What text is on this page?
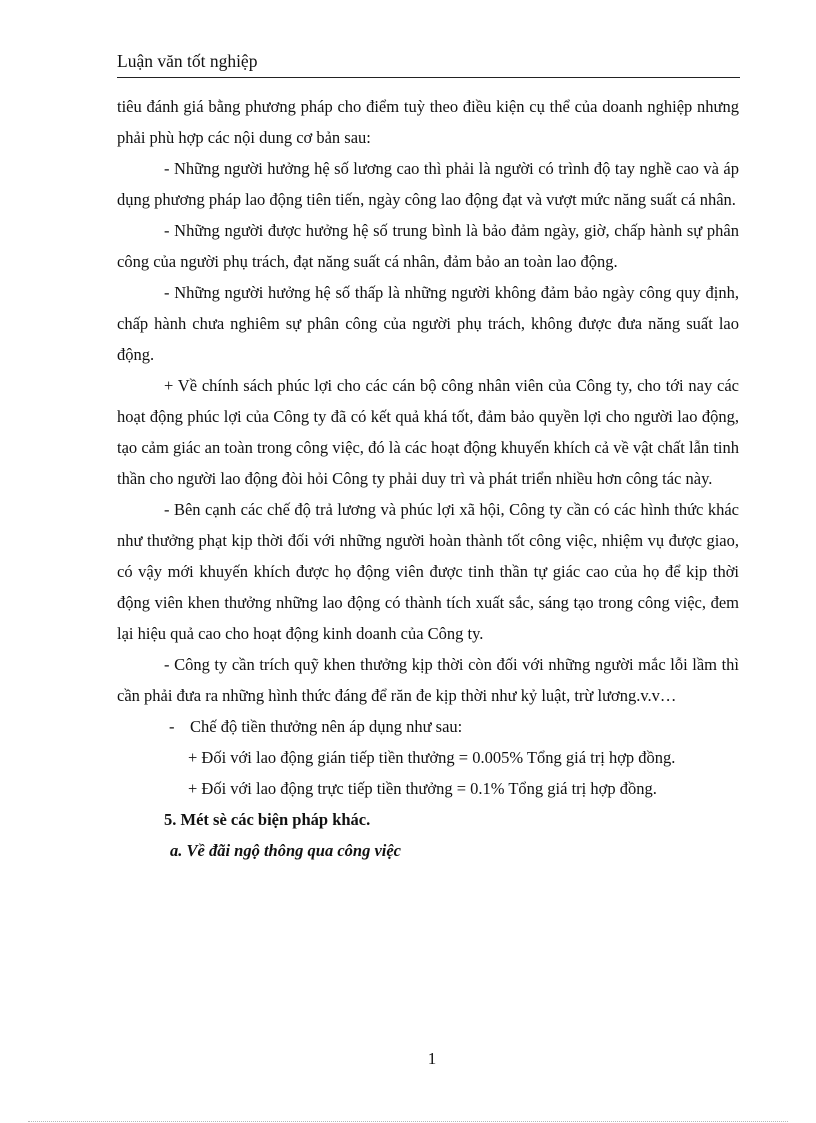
Luận văn tốt nghiệp

tiêu đánh giá bằng phương pháp cho điểm tuỳ theo điều kiện cụ thể của doanh nghiệp nhưng phải phù hợp các nội dung cơ bản sau:

- Những người hưởng hệ số lương cao thì phải là người có trình độ tay nghề cao và áp dụng phương pháp lao động tiên tiến, ngày công lao động đạt và vượt mức năng suất cá nhân.

- Những người được hưởng hệ số trung bình là bảo đảm ngày, giờ, chấp hành sự phân công của người phụ trách, đạt năng suất cá nhân, đảm bảo an toàn lao động.

- Những người hưởng hệ số thấp là những người không đảm bảo ngày công quy định, chấp hành chưa nghiêm sự phân công của người phụ trách, không được đưa năng suất lao động.

+ Về chính sách phúc lợi cho các cán bộ công nhân viên của Công ty, cho tới nay các hoạt động phúc lợi của Công ty đã có kết quả khá tốt, đảm bảo quyền lợi cho người lao động, tạo cảm giác an toàn trong công việc, đó là các hoạt động khuyến khích cả về vật chất lẫn tinh thần cho người lao động đòi hỏi Công ty phải duy trì và phát triển nhiều hơn công tác này.

- Bên cạnh các chế độ trả lương và phúc lợi xã hội, Công ty cần có các hình thức khác như thưởng phạt kịp thời đối với những người hoàn thành tốt công việc, nhiệm vụ được giao, có vậy mới khuyến khích được họ động viên được tinh thần tự giác cao của họ để kịp thời động viên khen thưởng những lao động có thành tích xuất sắc, sáng tạo trong công việc, đem lại hiệu quả cao cho hoạt động kinh doanh của Công ty.

- Công ty cần trích quỹ khen thưởng kịp thời còn đối với những người mắc lỗi lầm thì cần phải đưa ra những hình thức đáng để răn đe kịp thời như kỷ luật, trừ lương.v.v…

- Chế độ tiền thưởng nên áp dụng như sau:

+ Đối với lao động gián tiếp tiền thưởng = 0.005% Tổng giá trị hợp đồng.

+ Đối với lao động trực tiếp tiền thưởng = 0.1% Tổng giá trị hợp đồng.

5. Mét sè các biện pháp khác.

a. Về đãi ngộ thông qua công việc

1
